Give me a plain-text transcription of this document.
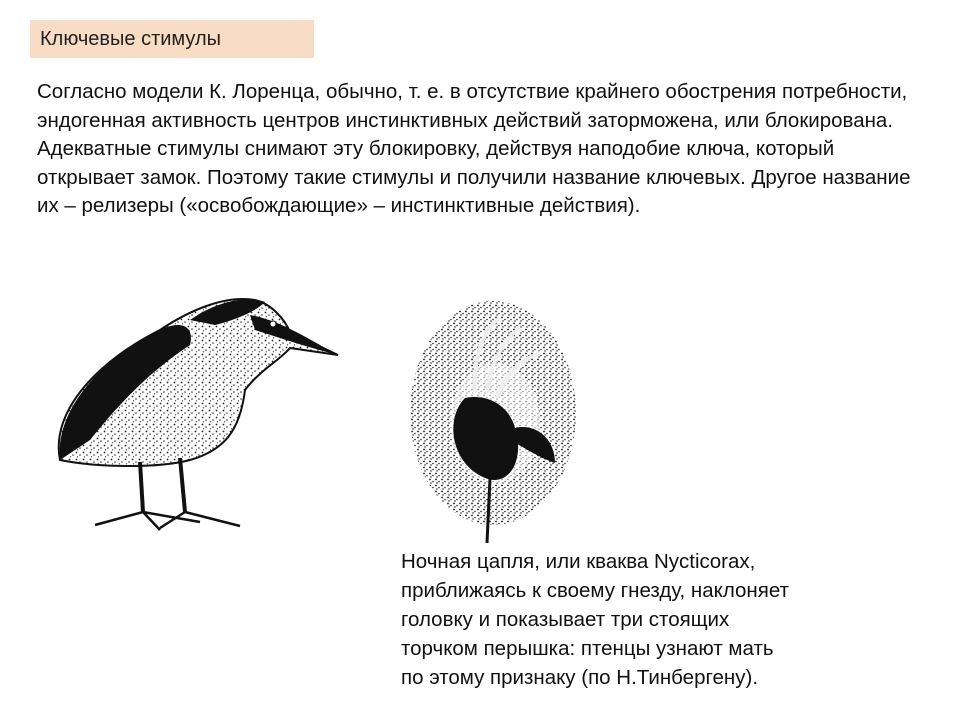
Ключевые стимулы

Согласно модели К. Лоренца, обычно, т. е. в отсутствие крайнего обострения потребности, эндогенная активность центров инстинктивных действий заторможена, или блокирована.

Адекватные стимулы снимают эту блокировку, действуя наподобие ключа, который открывает замок. Поэтому такие стимулы и получили название ключевых. Другое название их – релизеры («освобождающие» – инстинктивные действия).

Ночная цапля, или кваква Nycticorax,
приближаясь к своему гнезду, наклоняет
головку и показывает три стоящих
торчком перышка: птенцы узнают мать
по этому признаку (по Н.Тинбергену).
